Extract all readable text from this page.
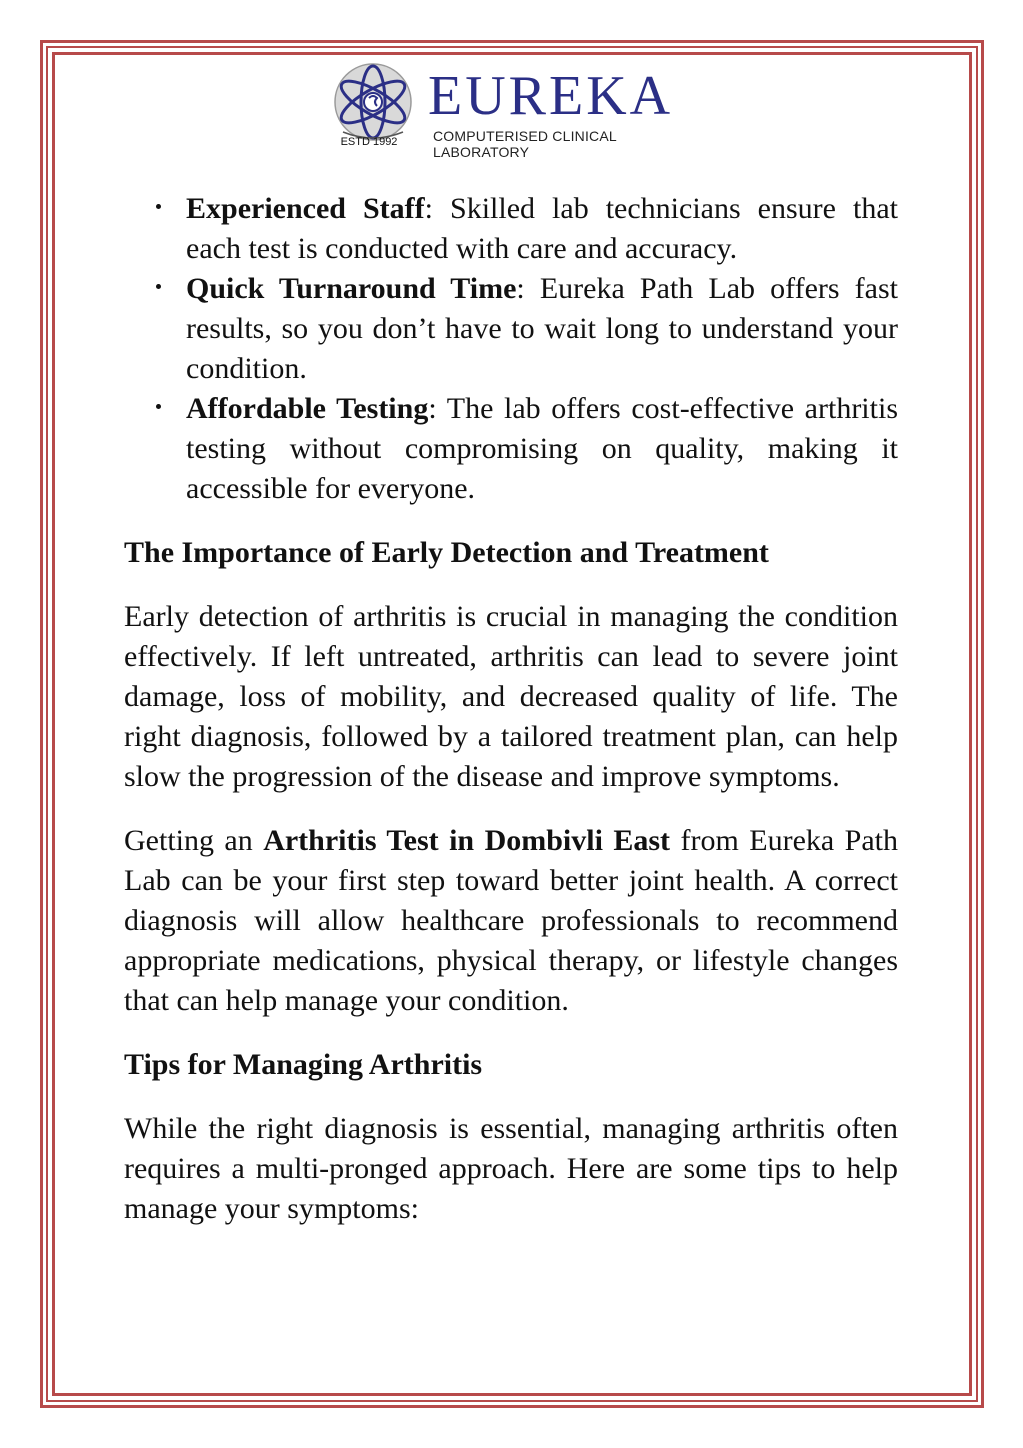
EUREKA
COMPUTERISED CLINICAL LABORATORY
ESTD 1992
Experienced Staff: Skilled lab technicians ensure that each test is conducted with care and accuracy.
Quick Turnaround Time: Eureka Path Lab offers fast results, so you don’t have to wait long to understand your condition.
Affordable Testing: The lab offers cost-effective arthritis testing without compromising on quality, making it accessible for everyone.

The Importance of Early Detection and Treatment

Early detection of arthritis is crucial in managing the condition effectively. If left untreated, arthritis can lead to severe joint damage, loss of mobility, and decreased quality of life. The right diagnosis, followed by a tailored treatment plan, can help slow the progression of the disease and improve symptoms.

Getting an Arthritis Test in Dombivli East from Eureka Path Lab can be your first step toward better joint health. A correct diagnosis will allow healthcare professionals to recommend appropriate medications, physical therapy, or lifestyle changes that can help manage your condition.

Tips for Managing Arthritis

While the right diagnosis is essential, managing arthritis often requires a multi-pronged approach. Here are some tips to help manage your symptoms:
